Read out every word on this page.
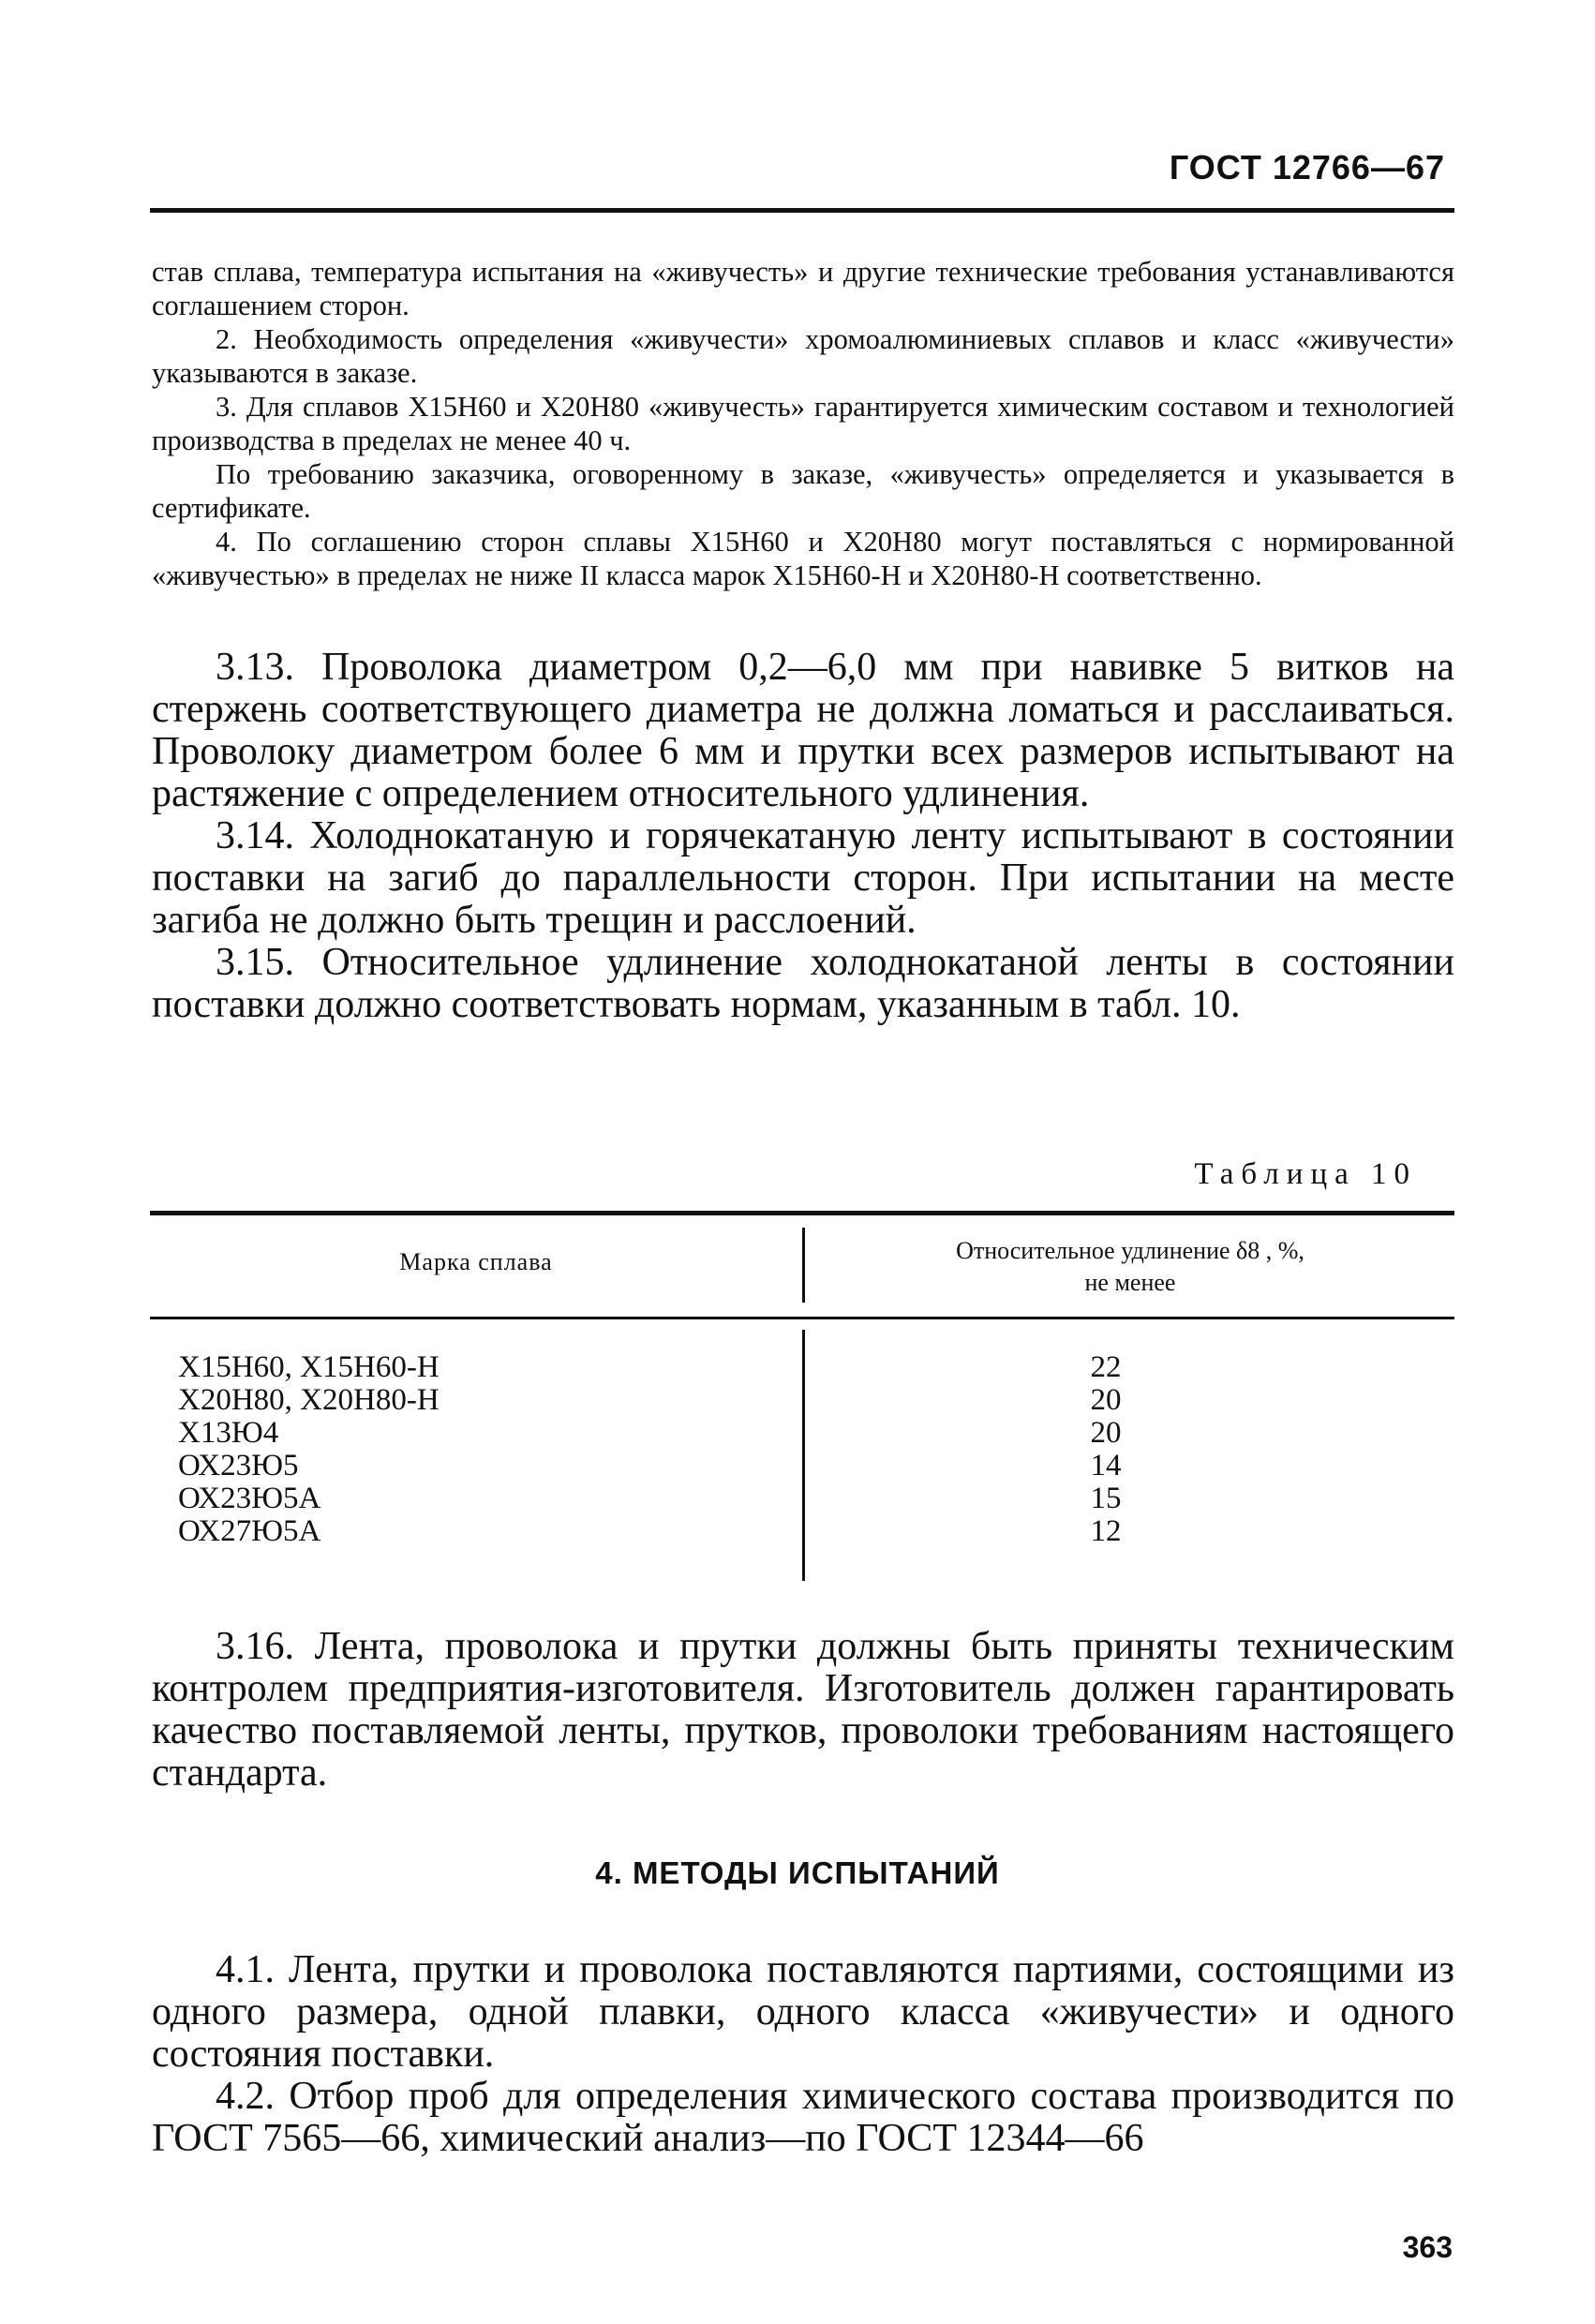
ГОСТ 12766—67

став сплава, температура испытания на «живучесть» и другие технические требования устанавливаются соглашением сторон.

2. Необходимость определения «живучести» хромоалюминиевых сплавов и класс «живучести» указываются в заказе.

3. Для сплавов Х15Н60 и Х20Н80 «живучесть» гарантируется химическим составом и технологией производства в пределах не менее 40 ч.

По требованию заказчика, оговоренному в заказе, «живучесть» определяется и указывается в сертификате.

4. По соглашению сторон сплавы Х15Н60 и Х20Н80 могут поставляться с нормированной «живучестью» в пределах не ниже II класса марок Х15Н60-Н и Х20Н80-Н соответственно.

3.13. Проволока диаметром 0,2—6,0 мм при навивке 5 витков на стержень соответствующего диаметра не должна ломаться и расслаиваться. Проволоку диаметром более 6 мм и прутки всех размеров испытывают на растяжение с определением относительного удлинения.

3.14. Холоднокатаную и горячекатаную ленту испытывают в состоянии поставки на загиб до параллельности сторон. При испытании на месте загиба не должно быть трещин и расслоений.

3.15. Относительное удлинение холоднокатаной ленты в состоянии поставки должно соответствовать нормам, указанным в табл. 10.

Таблица 10
Марка сплава	Относительное удлинение δ8 , %,
не менее
Х15Н60, Х15Н60-Н	22
Х20Н80, Х20Н80-Н	20
Х13Ю4	20
ОХ23Ю5	14
ОХ23Ю5А	15
ОХ27Ю5А	12

3.16. Лента, проволока и прутки должны быть приняты техническим контролем предприятия-изготовителя. Изготовитель должен гарантировать качество поставляемой ленты, прутков, проволоки требованиям настоящего стандарта.

4. МЕТОДЫ ИСПЫТАНИЙ

4.1. Лента, прутки и проволока поставляются партиями, состоящими из одного размера, одной плавки, одного класса «живучести» и одного состояния поставки.

4.2. Отбор проб для определения химического состава производится по ГОСТ 7565—66, химический анализ—по ГОСТ 12344—66

363
